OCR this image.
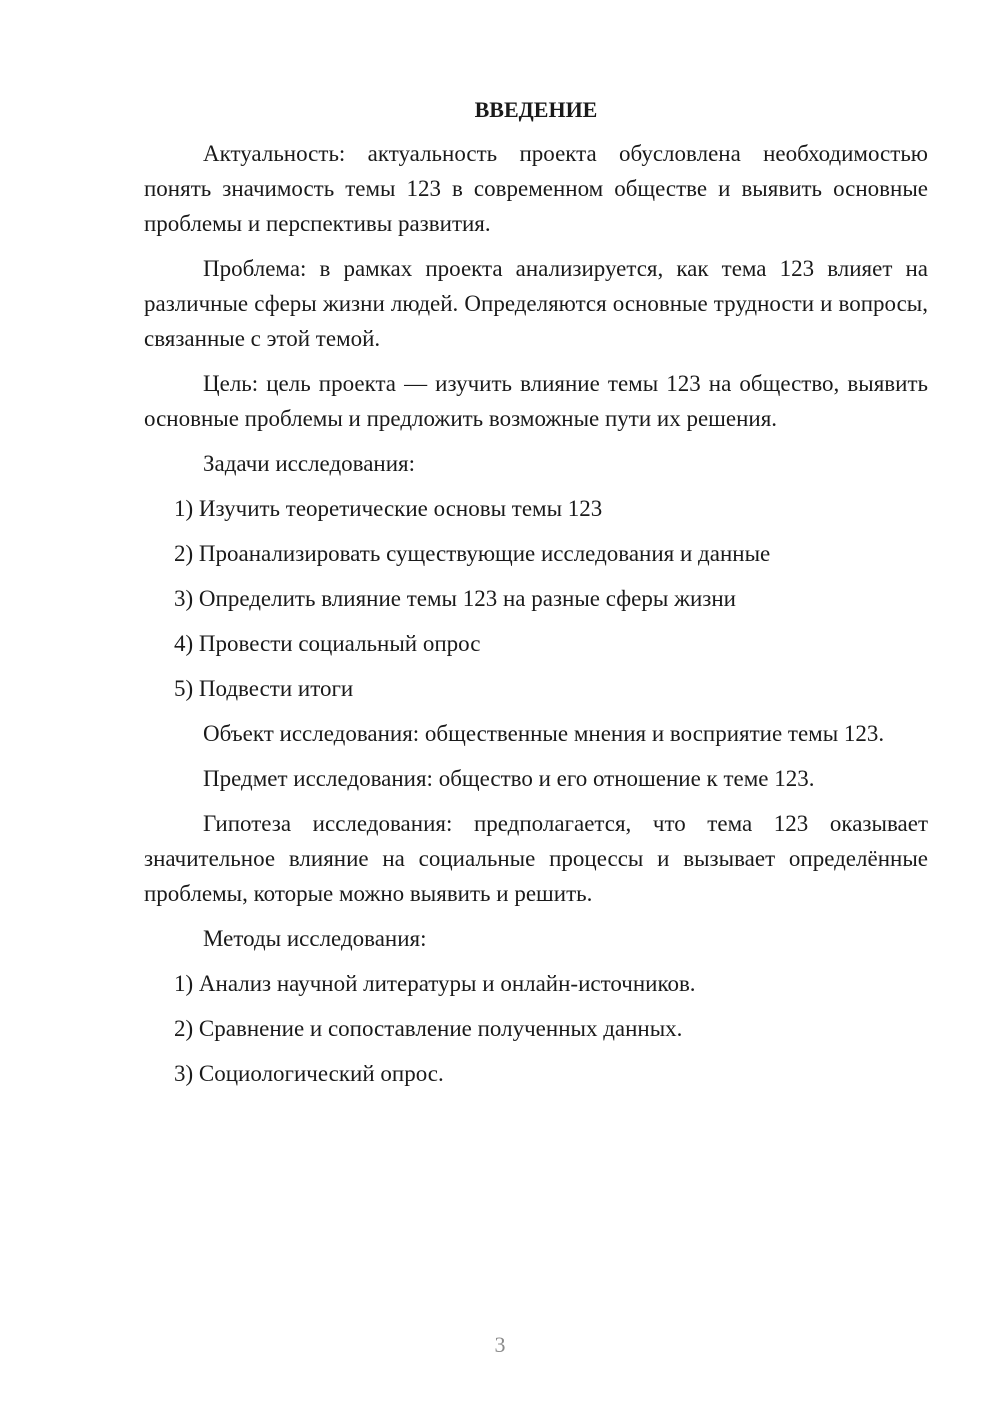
ВВЕДЕНИЕ

Актуальность: актуальность проекта обусловлена необходимостью понять значимость темы 123 в современном обществе и выявить основные проблемы и перспективы развития.

Проблема: в рамках проекта анализируется, как тема 123 влияет на различные сферы жизни людей. Определяются основные трудности и вопросы, связанные с этой темой.

Цель: цель проекта — изучить влияние темы 123 на общество, выявить основные проблемы и предложить возможные пути их решения.

Задачи исследования:

1) Изучить теоретические основы темы 123

2) Проанализировать существующие исследования и данные

3) Определить влияние темы 123 на разные сферы жизни

4) Провести социальный опрос

5) Подвести итоги

Объект исследования: общественные мнения и восприятие темы 123.

Предмет исследования: общество и его отношение к теме 123.

Гипотеза исследования: предполагается, что тема 123 оказывает значительное влияние на социальные процессы и вызывает определённые проблемы, которые можно выявить и решить.

Методы исследования:

1) Анализ научной литературы и онлайн-источников.

2) Сравнение и сопоставление полученных данных.

3) Социологический опрос.

3
